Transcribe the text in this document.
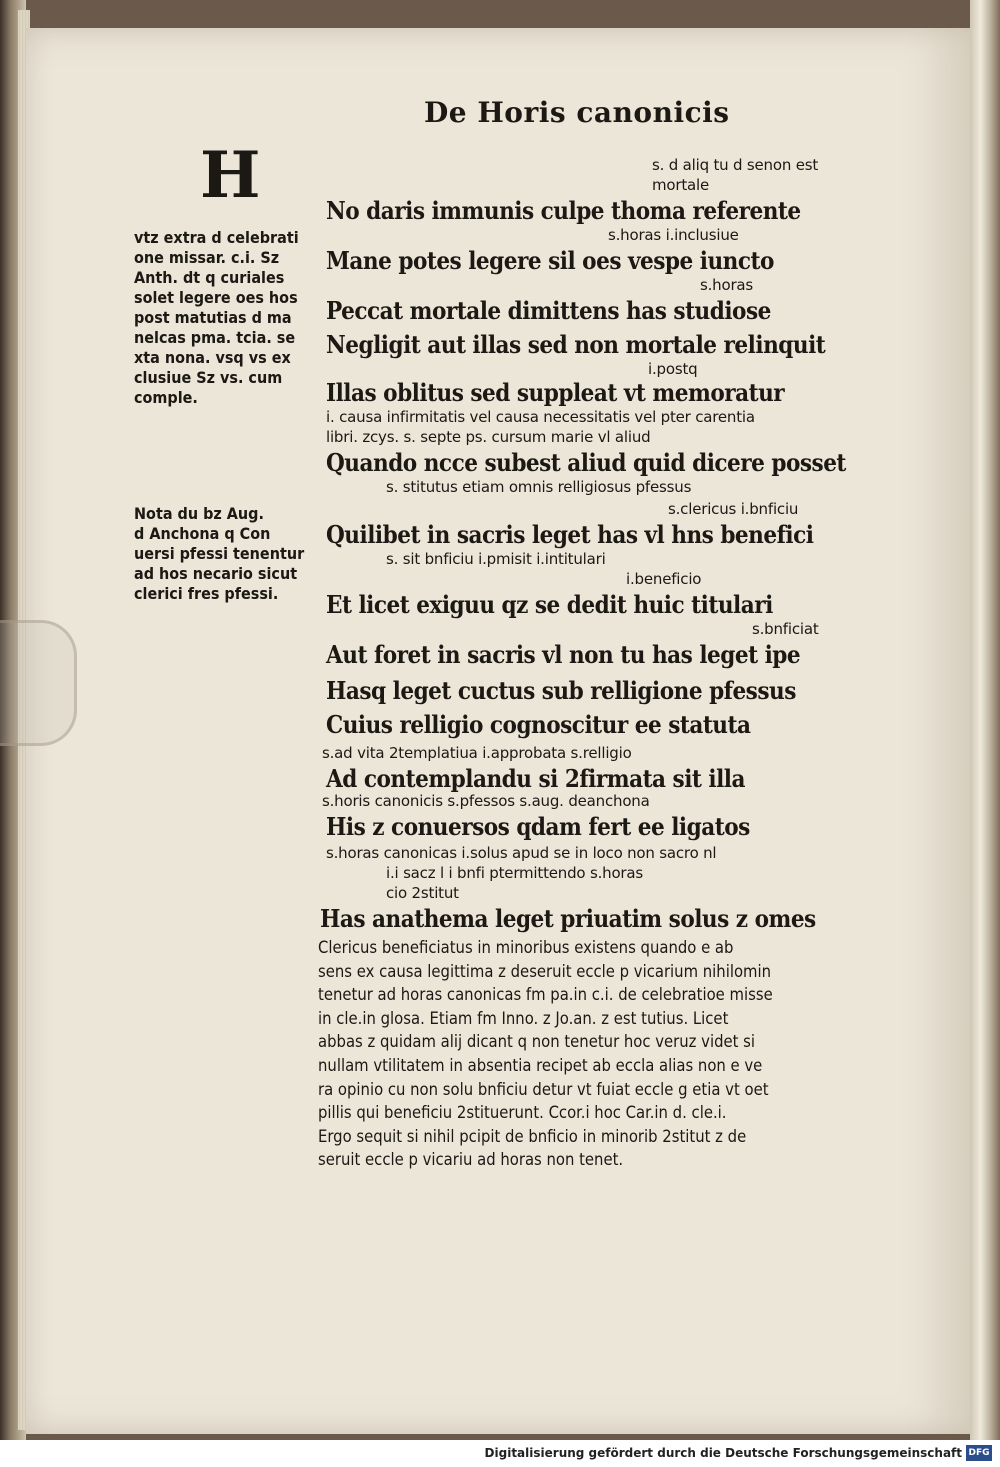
De Horis canonicis
H
vtz extra d celebrati
one missar. c.i. Sz
Anth. dt q curiales
solet legere oes hos
post matutias d ma
nelcas pma. tcia. se
xta nona. vsq vs ex
clusiue Sz vs. cum
comple.
Nota du bz Aug.
d Anchona q Con
uersi pfessi tenentur
ad hos necario sicut
clerici fres pfessi.
s. d aliq tu d senon est
mortale
No daris immunis culpe thoma referente
s.horas i.inclusiue
Mane potes legere sil oes vespe iuncto
s.horas
Peccat mortale dimittens has studiose
Negligit aut illas sed non mortale relinquit
i.postq
Illas oblitus sed suppleat vt memoratur
i. causa infirmitatis vel causa necessitatis vel pter carentia
libri. zcys. s. septe ps. cursum marie vl aliud
Quando ncce subest aliud quid dicere posset
s. stitutus etiam omnis relligiosus pfessus
s.clericus i.bnficiu
Quilibet in sacris leget has vl hns benefici
s. sit bnficiu i.pmisit i.intitulari
i.beneficio
Et licet exiguu qz se dedit huic titulari
s.bnficiat
Aut foret in sacris vl non tu has leget ipe
Hasq leget cuctus sub relligione pfessus
Cuius relligio cognoscitur ee statuta
s.ad vita 2templatiua i.approbata s.relligio
Ad contemplandu si 2firmata sit illa
s.horis canonicis s.pfessos s.aug. deanchona
His z conuersos qdam fert ee ligatos
s.horas canonicas i.solus apud se in loco non sacro nl
i.i sacz l i bnfi ptermittendo s.horas
cio 2stitut
Has anathema leget priuatim solus z omes
Clericus beneficiatus in minoribus existens quando e ab
sens ex causa legittima z deseruit eccle p vicarium nihilomin
tenetur ad horas canonicas fm pa.in c.i. de celebratioe misse
in cle.in glosa. Etiam fm Inno. z Jo.an. z est tutius. Licet
abbas z quidam alij dicant q non tenetur hoc veruz videt si
nullam vtilitatem in absentia recipet ab eccla alias non e ve
ra opinio cu non solu bnficiu detur vt fuiat eccle g etia vt oet
pillis qui beneficiu 2stituerunt. Ccor.i hoc Car.in d. cle.i.
Ergo sequit si nihil pcipit de bnficio in minorib 2stitut z de
seruit eccle p vicariu ad horas non tenet.
Digitalisierung gefördert durch die Deutsche Forschungsgemeinschaft DFG
